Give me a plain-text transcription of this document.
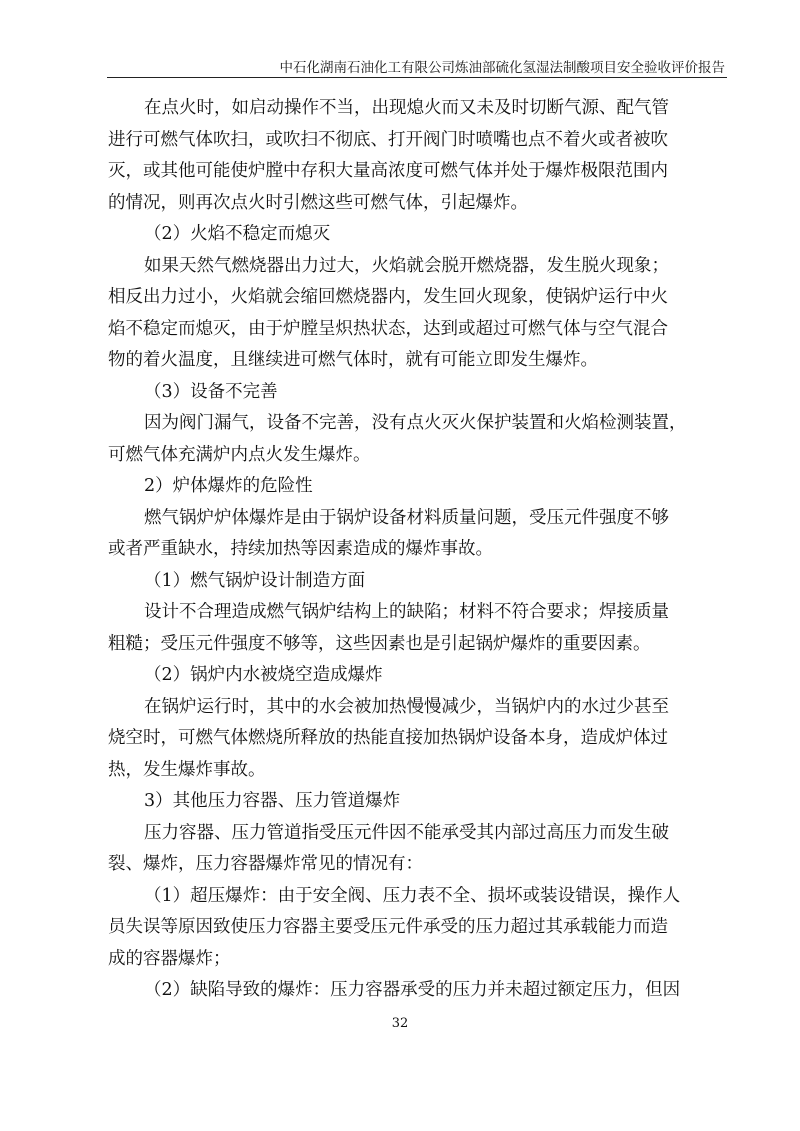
中石化湖南石油化工有限公司炼油部硫化氢湿法制酸项目安全验收评价报告
在点火时，如启动操作不当，出现熄火而又未及时切断气源、配气管
进行可燃气体吹扫，或吹扫不彻底、打开阀门时喷嘴也点不着火或者被吹
灭，或其他可能使炉膛中存积大量高浓度可燃气体并处于爆炸极限范围内
的情况，则再次点火时引燃这些可燃气体，引起爆炸。
（2）火焰不稳定而熄灭
如果天然气燃烧器出力过大，火焰就会脱开燃烧器，发生脱火现象；
相反出力过小，火焰就会缩回燃烧器内，发生回火现象，使锅炉运行中火
焰不稳定而熄灭，由于炉膛呈炽热状态，达到或超过可燃气体与空气混合
物的着火温度，且继续进可燃气体时，就有可能立即发生爆炸。
（3）设备不完善
因为阀门漏气，设备不完善，没有点火灭火保护装置和火焰检测装置，
可燃气体充满炉内点火发生爆炸。
2）炉体爆炸的危险性
燃气锅炉炉体爆炸是由于锅炉设备材料质量问题，受压元件强度不够
或者严重缺水，持续加热等因素造成的爆炸事故。
（1）燃气锅炉设计制造方面
设计不合理造成燃气锅炉结构上的缺陷；材料不符合要求；焊接质量
粗糙；受压元件强度不够等，这些因素也是引起锅炉爆炸的重要因素。
（2）锅炉内水被烧空造成爆炸
在锅炉运行时，其中的水会被加热慢慢减少，当锅炉内的水过少甚至
烧空时，可燃气体燃烧所释放的热能直接加热锅炉设备本身，造成炉体过
热，发生爆炸事故。
3）其他压力容器、压力管道爆炸
压力容器、压力管道指受压元件因不能承受其内部过高压力而发生破
裂、爆炸，压力容器爆炸常见的情况有：
（1）超压爆炸：由于安全阀、压力表不全、损坏或装设错误，操作人
员失误等原因致使压力容器主要受压元件承受的压力超过其承载能力而造
成的容器爆炸；
（2）缺陷导致的爆炸：压力容器承受的压力并未超过额定压力，但因
32
